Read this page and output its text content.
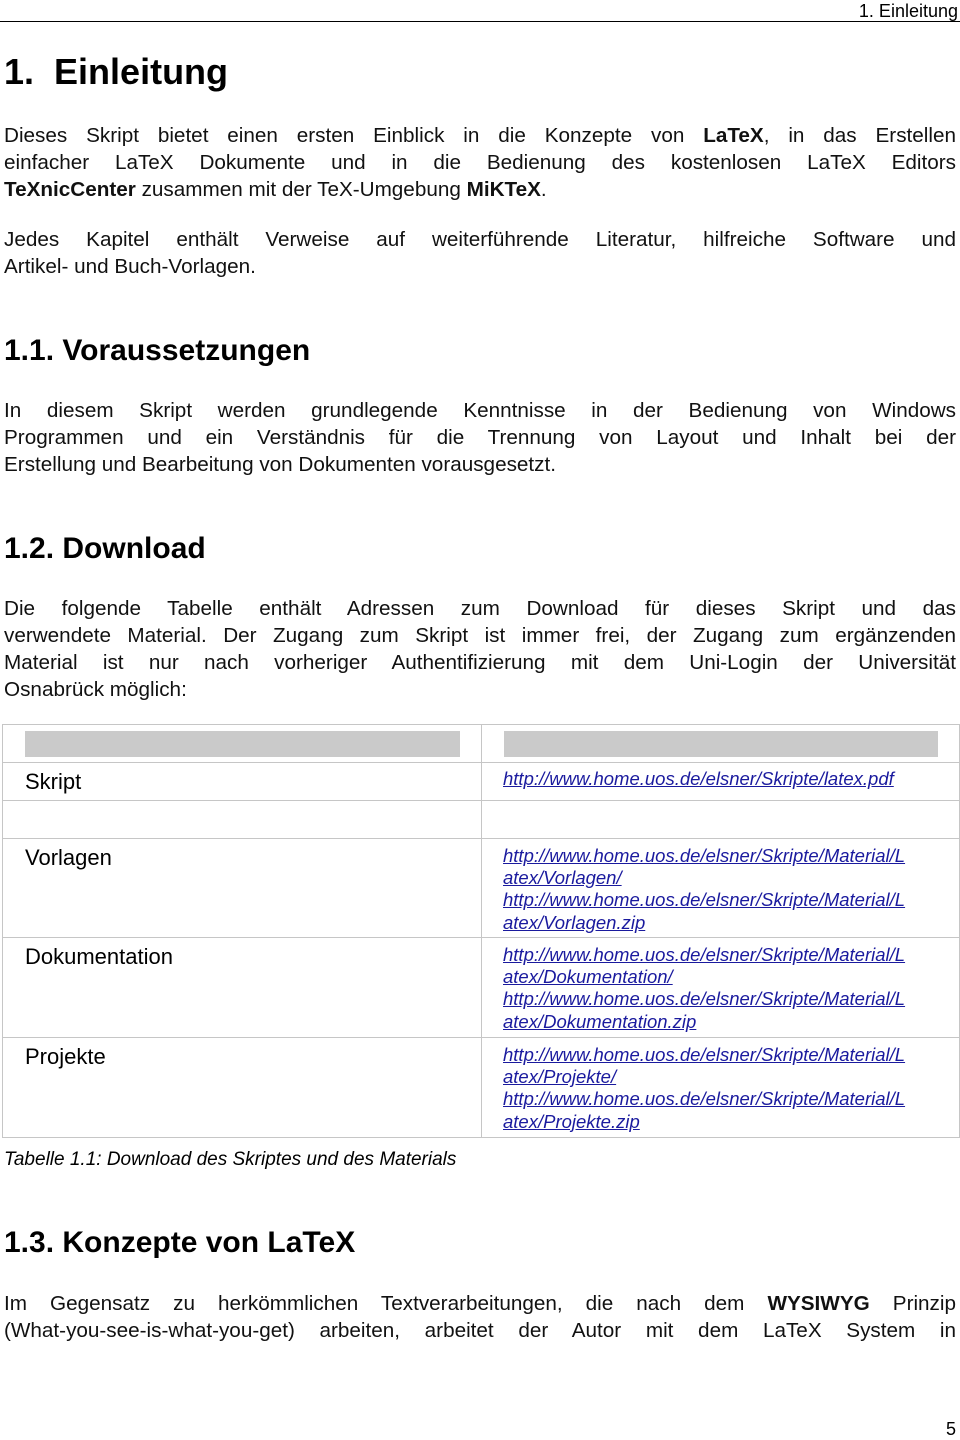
1. Einleitung
1. Einleitung
Dieses Skript bietet einen ersten Einblick in die Konzepte von LaTeX, in das Erstellen
einfacher LaTeX Dokumente und in die Bedienung des kostenlosen LaTeX Editors
TeXnicCenter zusammen mit der TeX-Umgebung MiKTeX.
Jedes Kapitel enthält Verweise auf weiterführende Literatur, hilfreiche Software und
Artikel- und Buch-Vorlagen.
1.1. Voraussetzungen
In diesem Skript werden grundlegende Kenntnisse in der Bedienung von Windows
Programmen und ein Verständnis für die Trennung von Layout und Inhalt bei der
Erstellung und Bearbeitung von Dokumenten vorausgesetzt.
1.2. Download
Die folgende Tabelle enthält Adressen zum Download für dieses Skript und das
verwendete Material. Der Zugang zum Skript ist immer frei, der Zugang zum ergänzenden
Material ist nur nach vorheriger Authentifizierung mit dem Uni-Login der Universität
Osnabrück möglich:

Skript	http://www.home.uos.de/elsner/Skripte/latex.pdf

Vorlagen	http://www.home.uos.de/elsner/Skripte/Material/L
atex/Vorlagen/
http://www.home.uos.de/elsner/Skripte/Material/L
atex/Vorlagen.zip

Dokumentation	http://www.home.uos.de/elsner/Skripte/Material/L
atex/Dokumentation/
http://www.home.uos.de/elsner/Skripte/Material/L
atex/Dokumentation.zip

Projekte	http://www.home.uos.de/elsner/Skripte/Material/L
atex/Projekte/
http://www.home.uos.de/elsner/Skripte/Material/L
atex/Projekte.zip
Tabelle 1.1: Download des Skriptes und des Materials
1.3. Konzepte von LaTeX
Im Gegensatz zu herkömmlichen Textverarbeitungen, die nach dem WYSIWYG Prinzip
(What-you-see-is-what-you-get) arbeiten, arbeitet der Autor mit dem LaTeX System in
5
